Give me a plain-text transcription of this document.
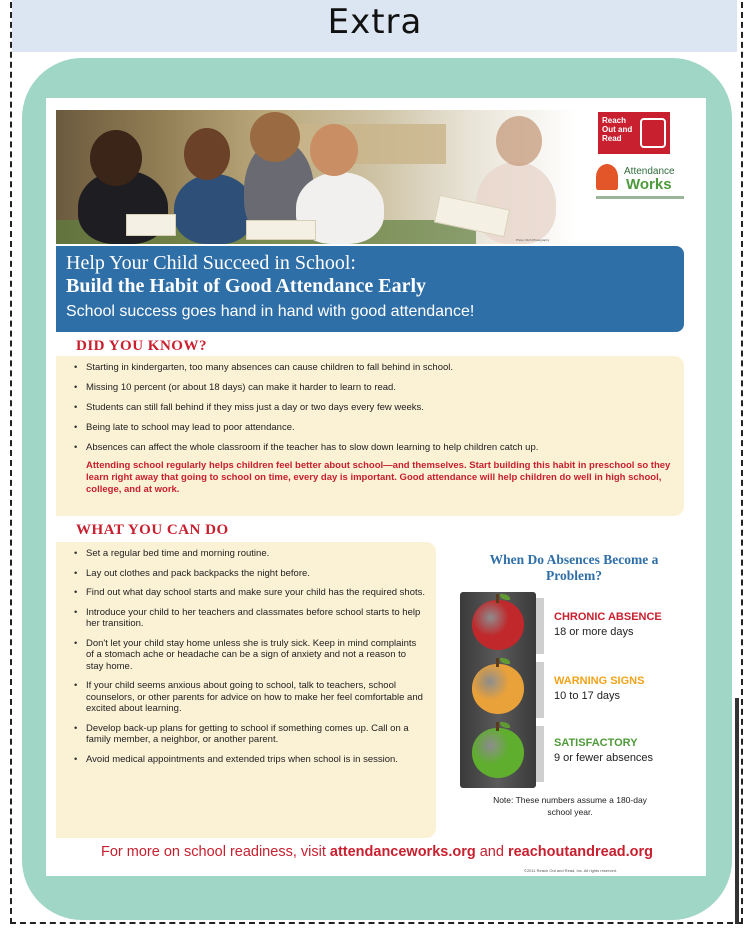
Extra
Photo: Rich Photography
Reach Out and Read
Attendance
Works
Help Your Child Succeed in School:
Build the Habit of Good Attendance Early
School success goes hand in hand with good attendance!
DID YOU KNOW?
• Starting in kindergarten, too many absences can cause children to fall behind in school.
• Missing 10 percent (or about 18 days) can make it harder to learn to read.
• Students can still fall behind if they miss just a day or two days every few weeks.
• Being late to school may lead to poor attendance.
• Absences can affect the whole classroom if the teacher has to slow down learning to help children catch up.
Attending school regularly helps children feel better about school—and themselves. Start building this habit in preschool so they learn right away that going to school on time, every day is important. Good attendance will help children do well in high school, college, and at work.
WHAT YOU CAN DO
• Set a regular bed time and morning routine.
• Lay out clothes and pack backpacks the night before.
• Find out what day school starts and make sure your child has the required shots.
• Introduce your child to her teachers and classmates before school starts to help her transition.
• Don't let your child stay home unless she is truly sick. Keep in mind complaints of a stomach ache or headache can be a sign of anxiety and not a reason to stay home.
• If your child seems anxious about going to school, talk to teachers, school counselors, or other parents for advice on how to make her feel comfortable and excited about learning.
• Develop back-up plans for getting to school if something comes up. Call on a family member, a neighbor, or another parent.
• Avoid medical appointments and extended trips when school is in session.
When Do Absences Become a Problem?
CHRONIC ABSENCE
18 or more days
WARNING SIGNS
10 to 17 days
SATISFACTORY
9 or fewer absences
Note: These numbers assume a 180-day school year.
For more on school readiness, visit attendanceworks.org and reachoutandread.org
©2011 Reach Out and Read, Inc. All rights reserved.
